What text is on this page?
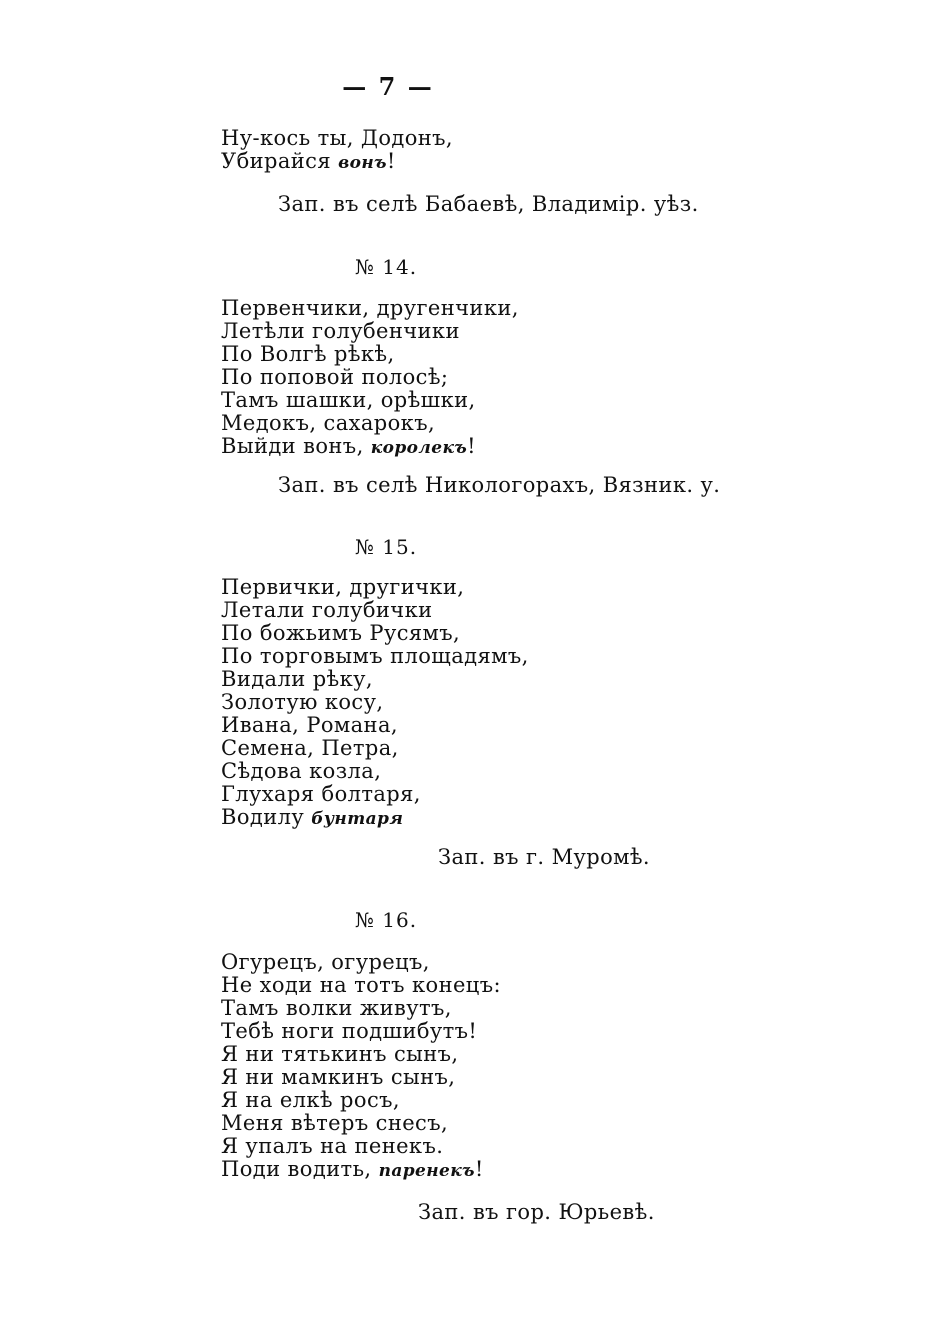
— 7 —
Ну-кось ты, Додонъ,
Убирайся вонъ!
Зап. въ селѣ Бабаевѣ, Владимір. уѣз.
№ 14.
Первенчики, другенчики,
Летѣли голубенчики
По Волгѣ рѣкѣ,
По поповой полосѣ;
Тамъ шашки, орѣшки,
Медокъ, сахарокъ,
Выйди вонъ, королекъ!
Зап. въ селѣ Никологорахъ, Вязник. у.
№ 15.
Первички, другички,
Летали голубички
По божьимъ Русямъ,
По торговымъ площадямъ,
Видали рѣку,
Золотую косу,
Ивана, Романа,
Семена, Петра,
Сѣдова козла,
Глухаря болтаря,
Водилу бунтаря
Зап. въ г. Муромѣ.
№ 16.
Огурецъ, огурецъ,
Не ходи на тотъ конецъ:
Тамъ волки живутъ,
Тебѣ ноги подшибутъ!
Я ни тятькинъ сынъ,
Я ни мамкинъ сынъ,
Я на елкѣ росъ,
Меня вѣтеръ снесъ,
Я упалъ на пенекъ.
Поди водить, паренекъ!
Зап. въ гор. Юрьевѣ.
